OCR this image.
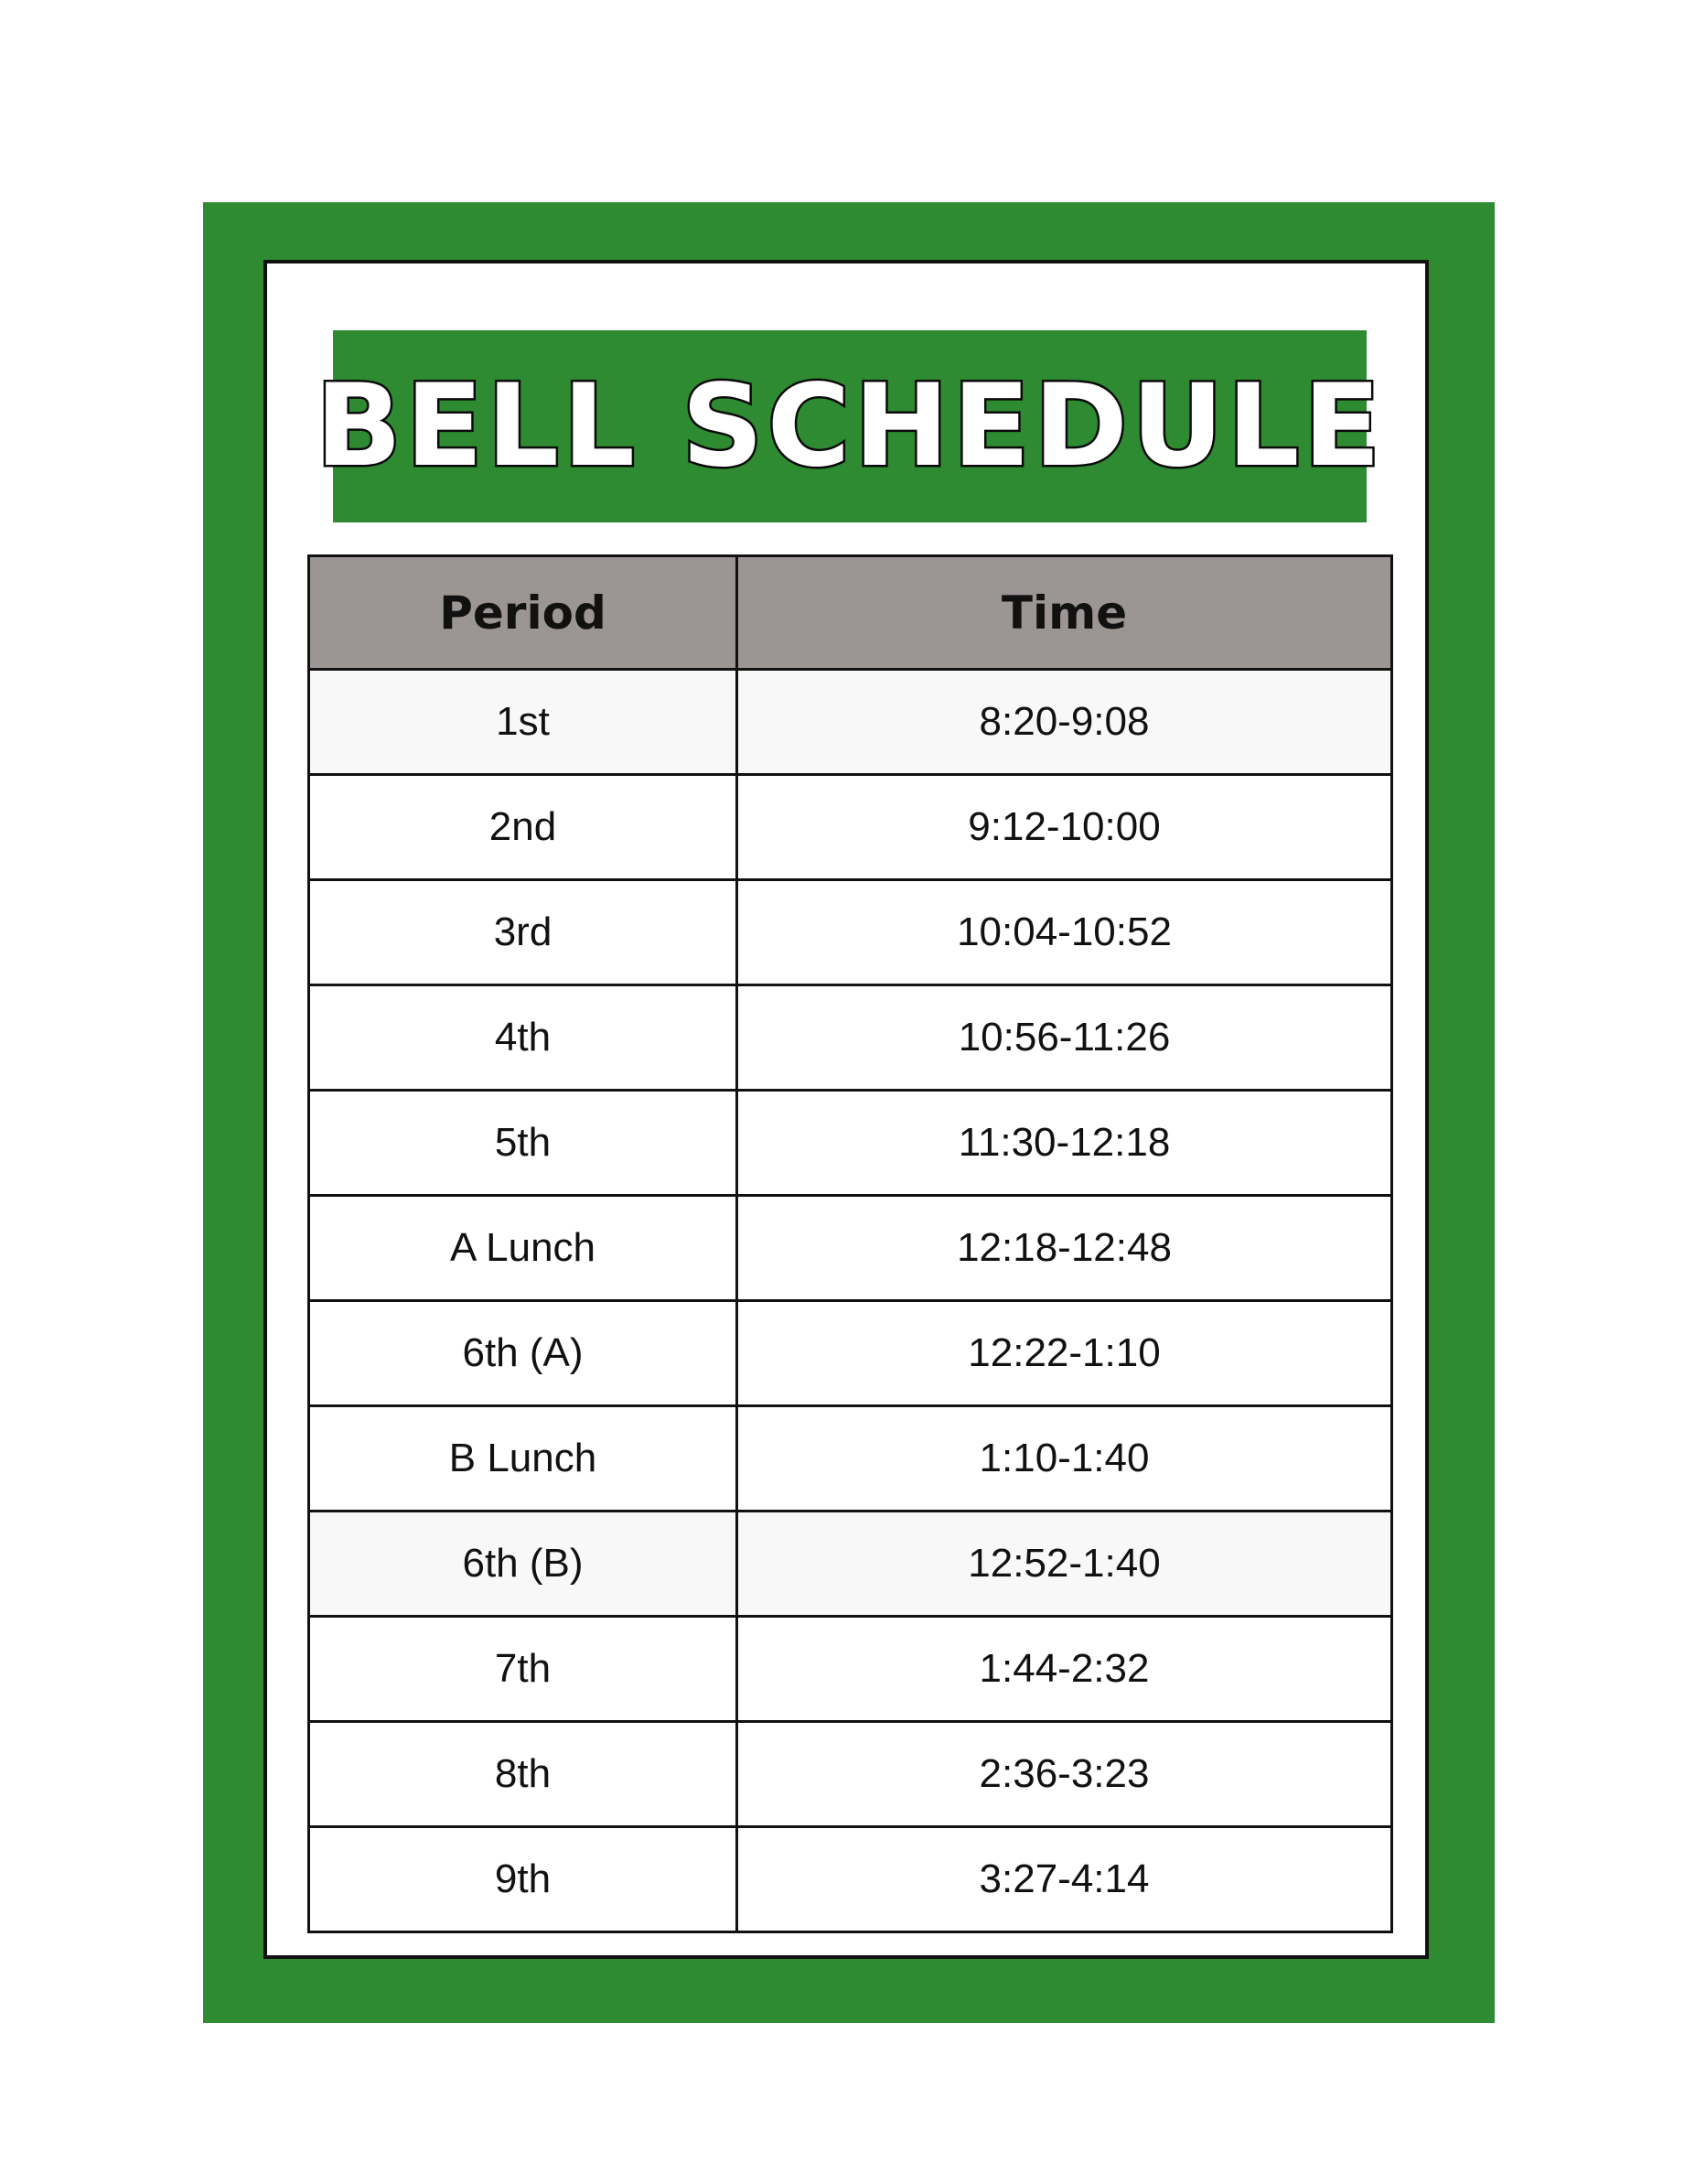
BELL SCHEDULE
Period	Time
1st	8:20-9:08
2nd	9:12-10:00
3rd	10:04-10:52
4th	10:56-11:26
5th	11:30-12:18
A Lunch	12:18-12:48
6th (A)	12:22-1:10
B Lunch	1:10-1:40
6th (B)	12:52-1:40
7th	1:44-2:32
8th	2:36-3:23
9th	3:27-4:14
